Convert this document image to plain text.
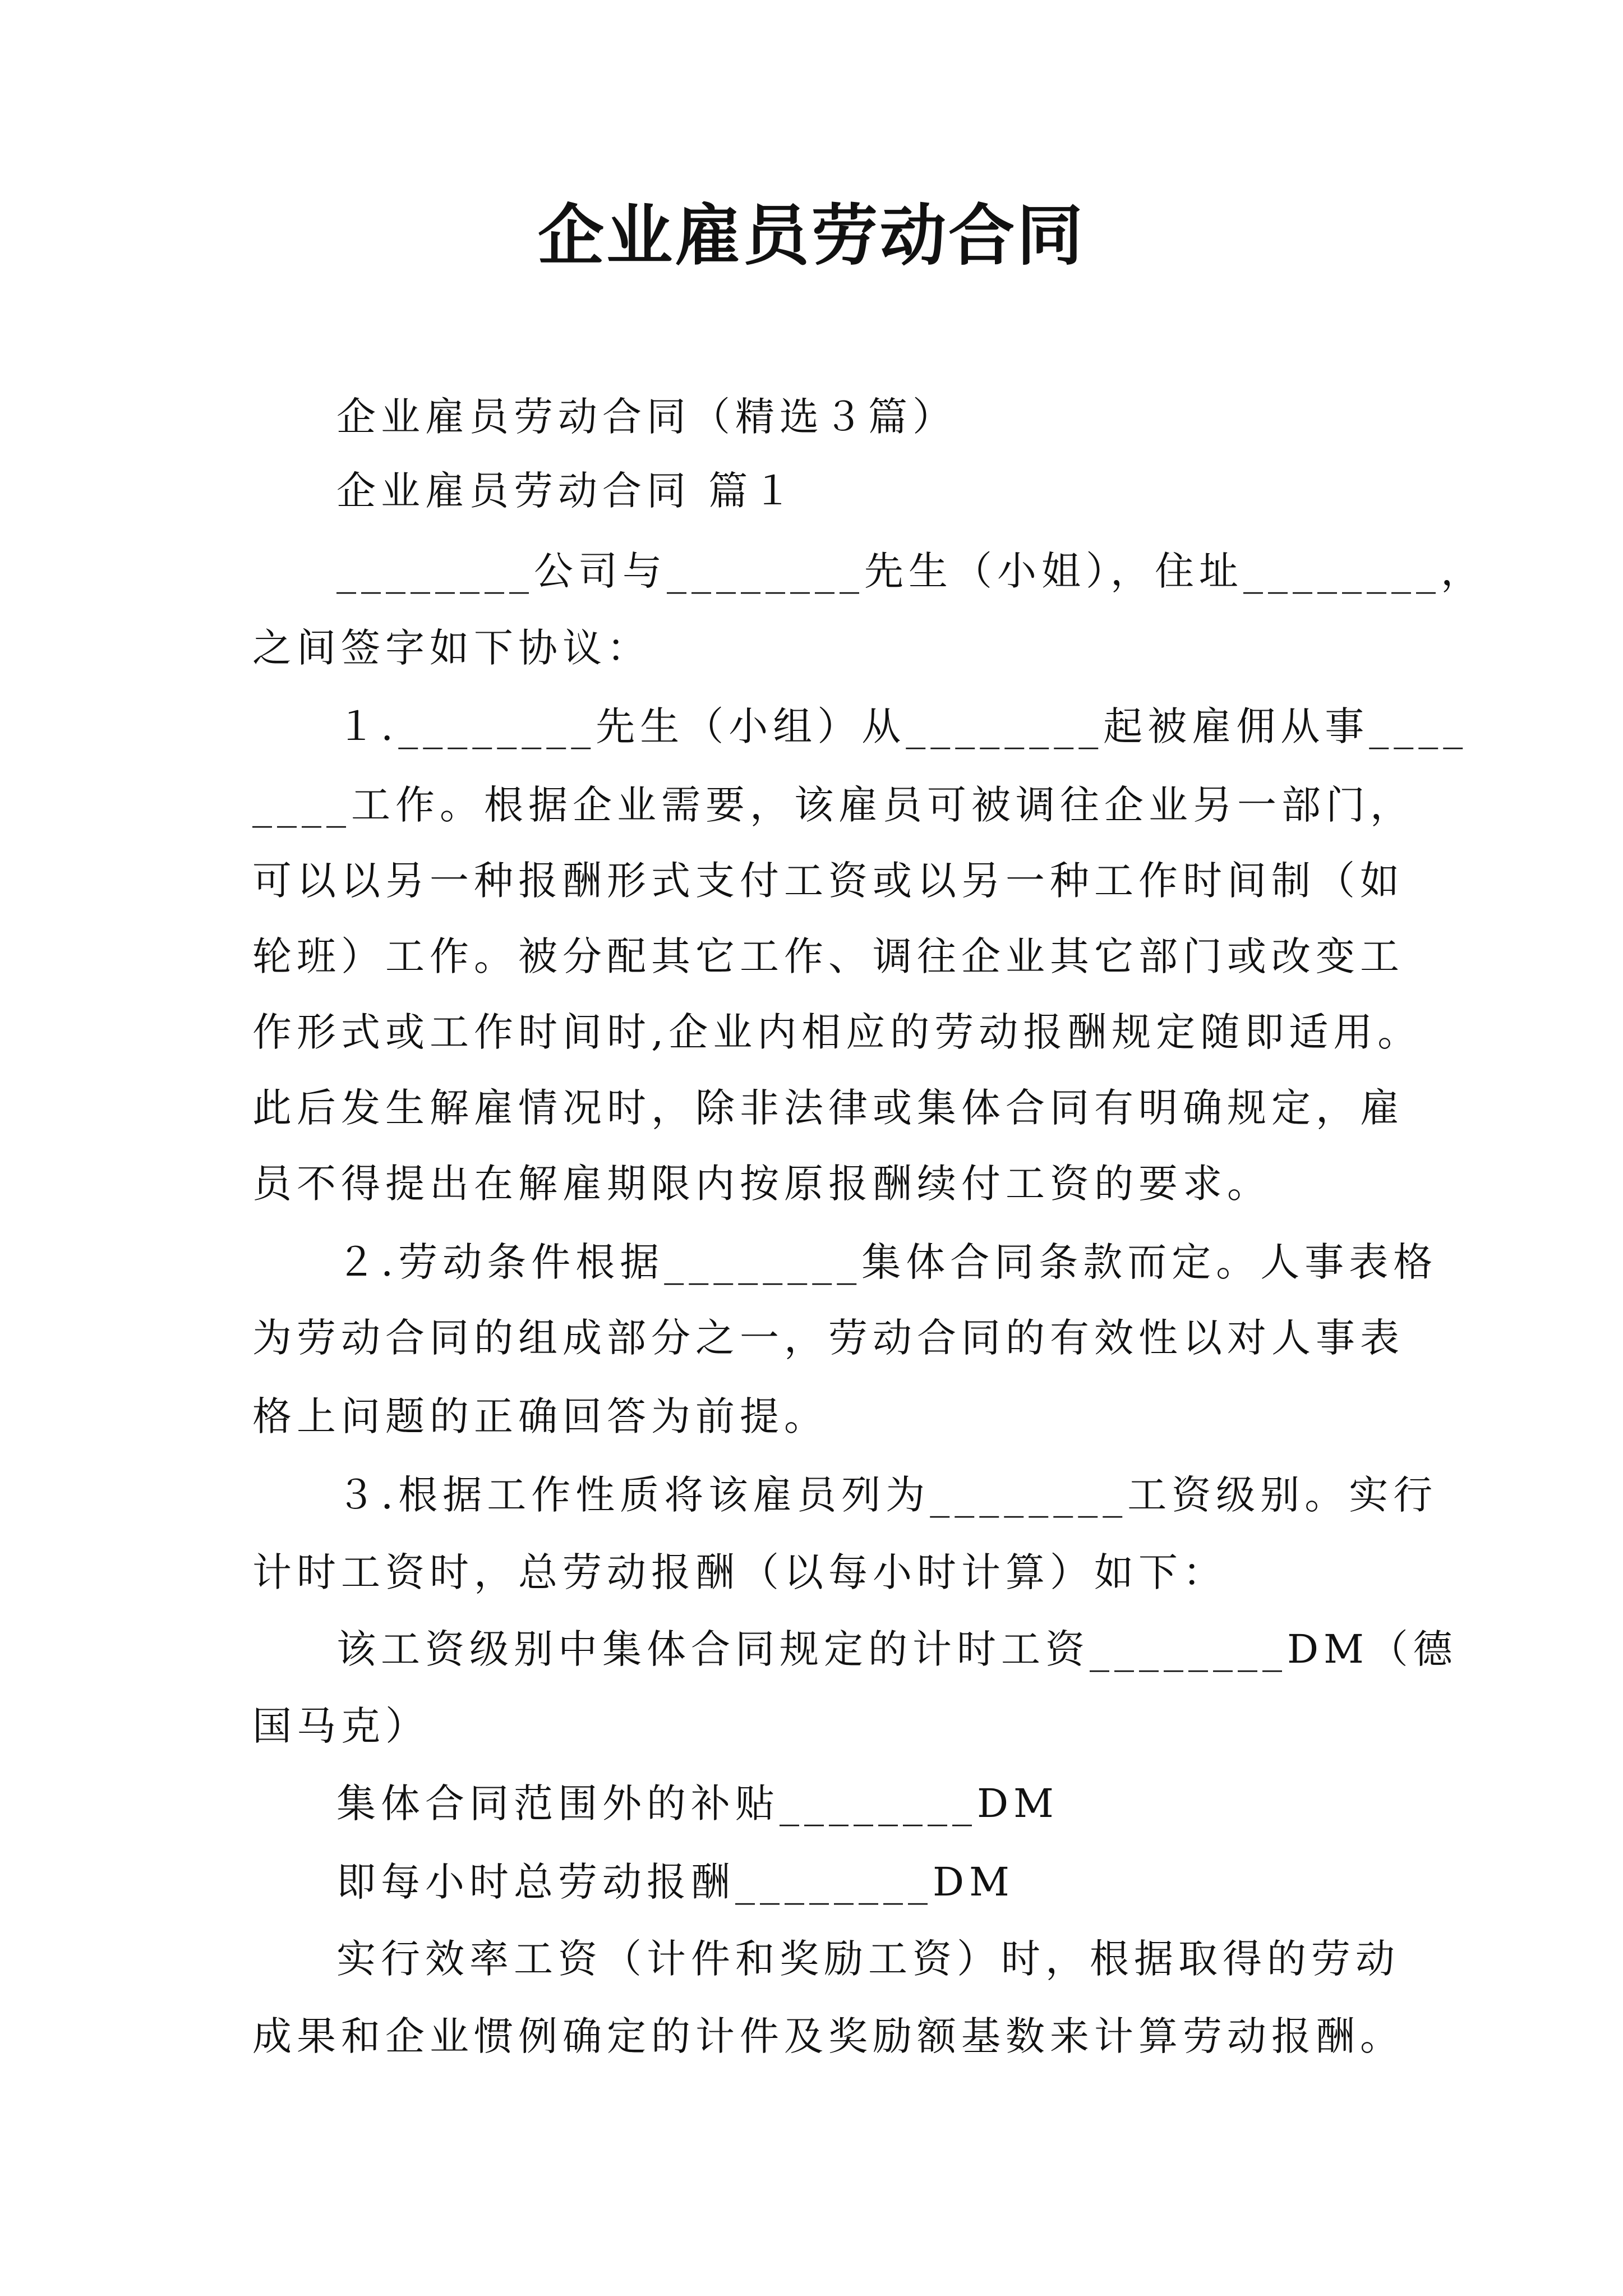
企业雇员劳动合同

企业雇员劳动合同（精选３篇）

企业雇员劳动合同 篇１

________公司与________先生（小姐），住址________，

之间签字如下协议：

１.________先生（小组）从________起被雇佣从事____

____工作。根据企业需要，该雇员可被调往企业另一部门，

可以以另一种报酬形式支付工资或以另一种工作时间制（如

轮班）工作。被分配其它工作、调往企业其它部门或改变工

作形式或工作时间时,企业内相应的劳动报酬规定随即适用。

此后发生解雇情况时，除非法律或集体合同有明确规定，雇

员不得提出在解雇期限内按原报酬续付工资的要求。

２.劳动条件根据________集体合同条款而定。人事表格

为劳动合同的组成部分之一，劳动合同的有效性以对人事表

格上问题的正确回答为前提。

３.根据工作性质将该雇员列为________工资级别。实行

计时工资时，总劳动报酬（以每小时计算）如下：

该工资级别中集体合同规定的计时工资________DM（德

国马克）

集体合同范围外的补贴________DM

即每小时总劳动报酬________DM

实行效率工资（计件和奖励工资）时，根据取得的劳动

成果和企业惯例确定的计件及奖励额基数来计算劳动报酬。
